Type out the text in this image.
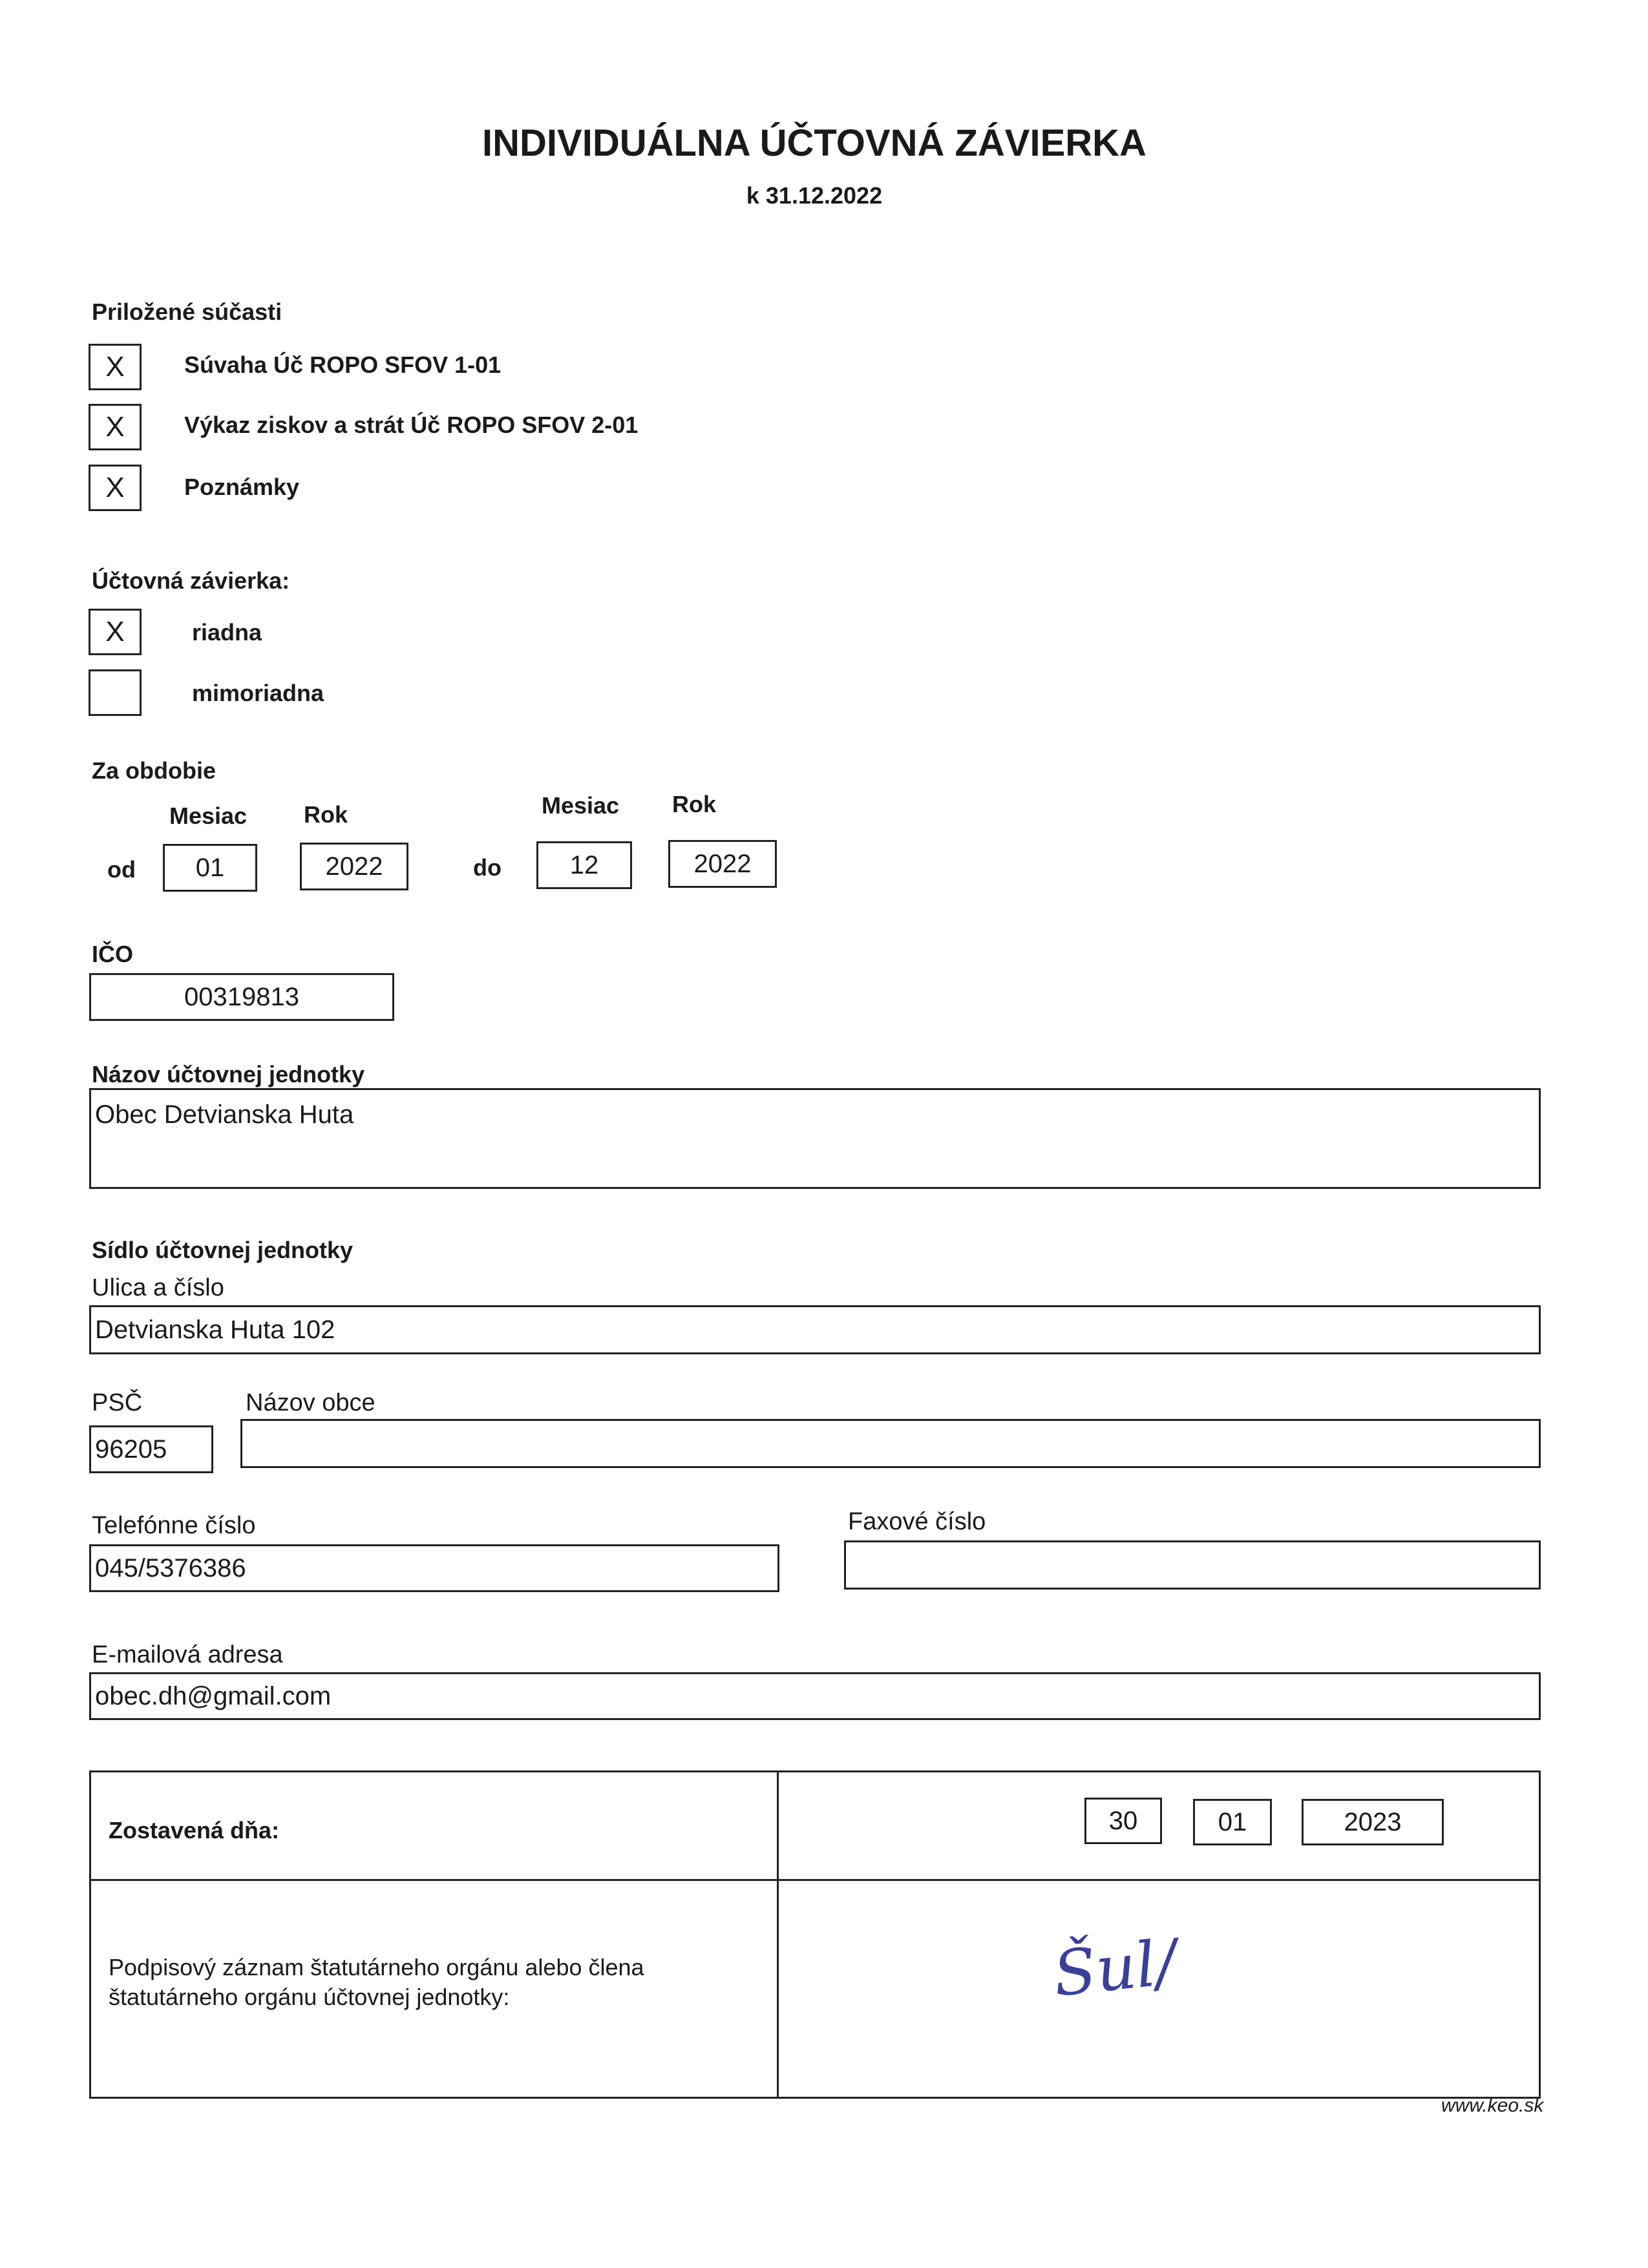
INDIVIDUÁLNA ÚČTOVNÁ ZÁVIERKA
k 31.12.2022
Priložené súčasti
X	Súvaha Úč ROPO SFOV 1-01
X	Výkaz ziskov a strát Úč ROPO SFOV 2-01
X	Poznámky
Účtovná závierka:
X	riadna
mimoriadna
Za obdobie
Mesiac Rok	Mesiac Rok
od	01	2022	do	12	2022
IČO
00319813
Názov účtovnej jednotky
Obec Detvianska Huta
Sídlo účtovnej jednotky
Ulica a číslo
Detvianska Huta 102
PSČ	Názov obce
96205
Telefónne číslo
045/5376386
Faxové číslo
E-mailová adresa
obec.dh@gmail.com
Zostavená dňa:	30	01	2023
Podpisový záznam štatutárneho orgánu alebo člena
štatutárneho orgánu účtovnej jednotky:	Šul/
www.keo.sk
